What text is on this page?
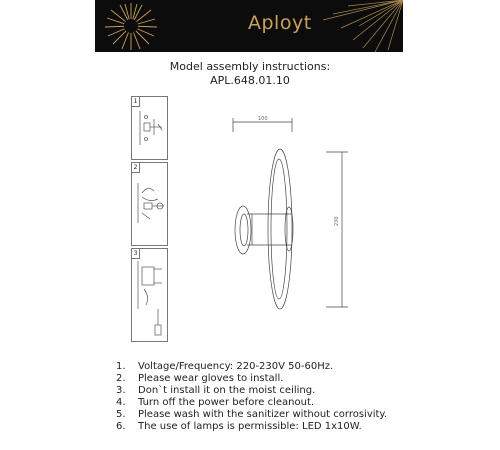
Aployt
Model assembly instructions:
APL.648.01.10
1
2
3
100
230
1.	Voltage/Frequency: 220-230V 50-60Hz.
2.	Please wear gloves to install.
3.	Don`t install it on the moist ceiling.
4.	Turn off the power before cleanout.
5.	Please wash with the sanitizer without corrosivity.
6.	The use of lamps is permissible: LED 1x10W.
